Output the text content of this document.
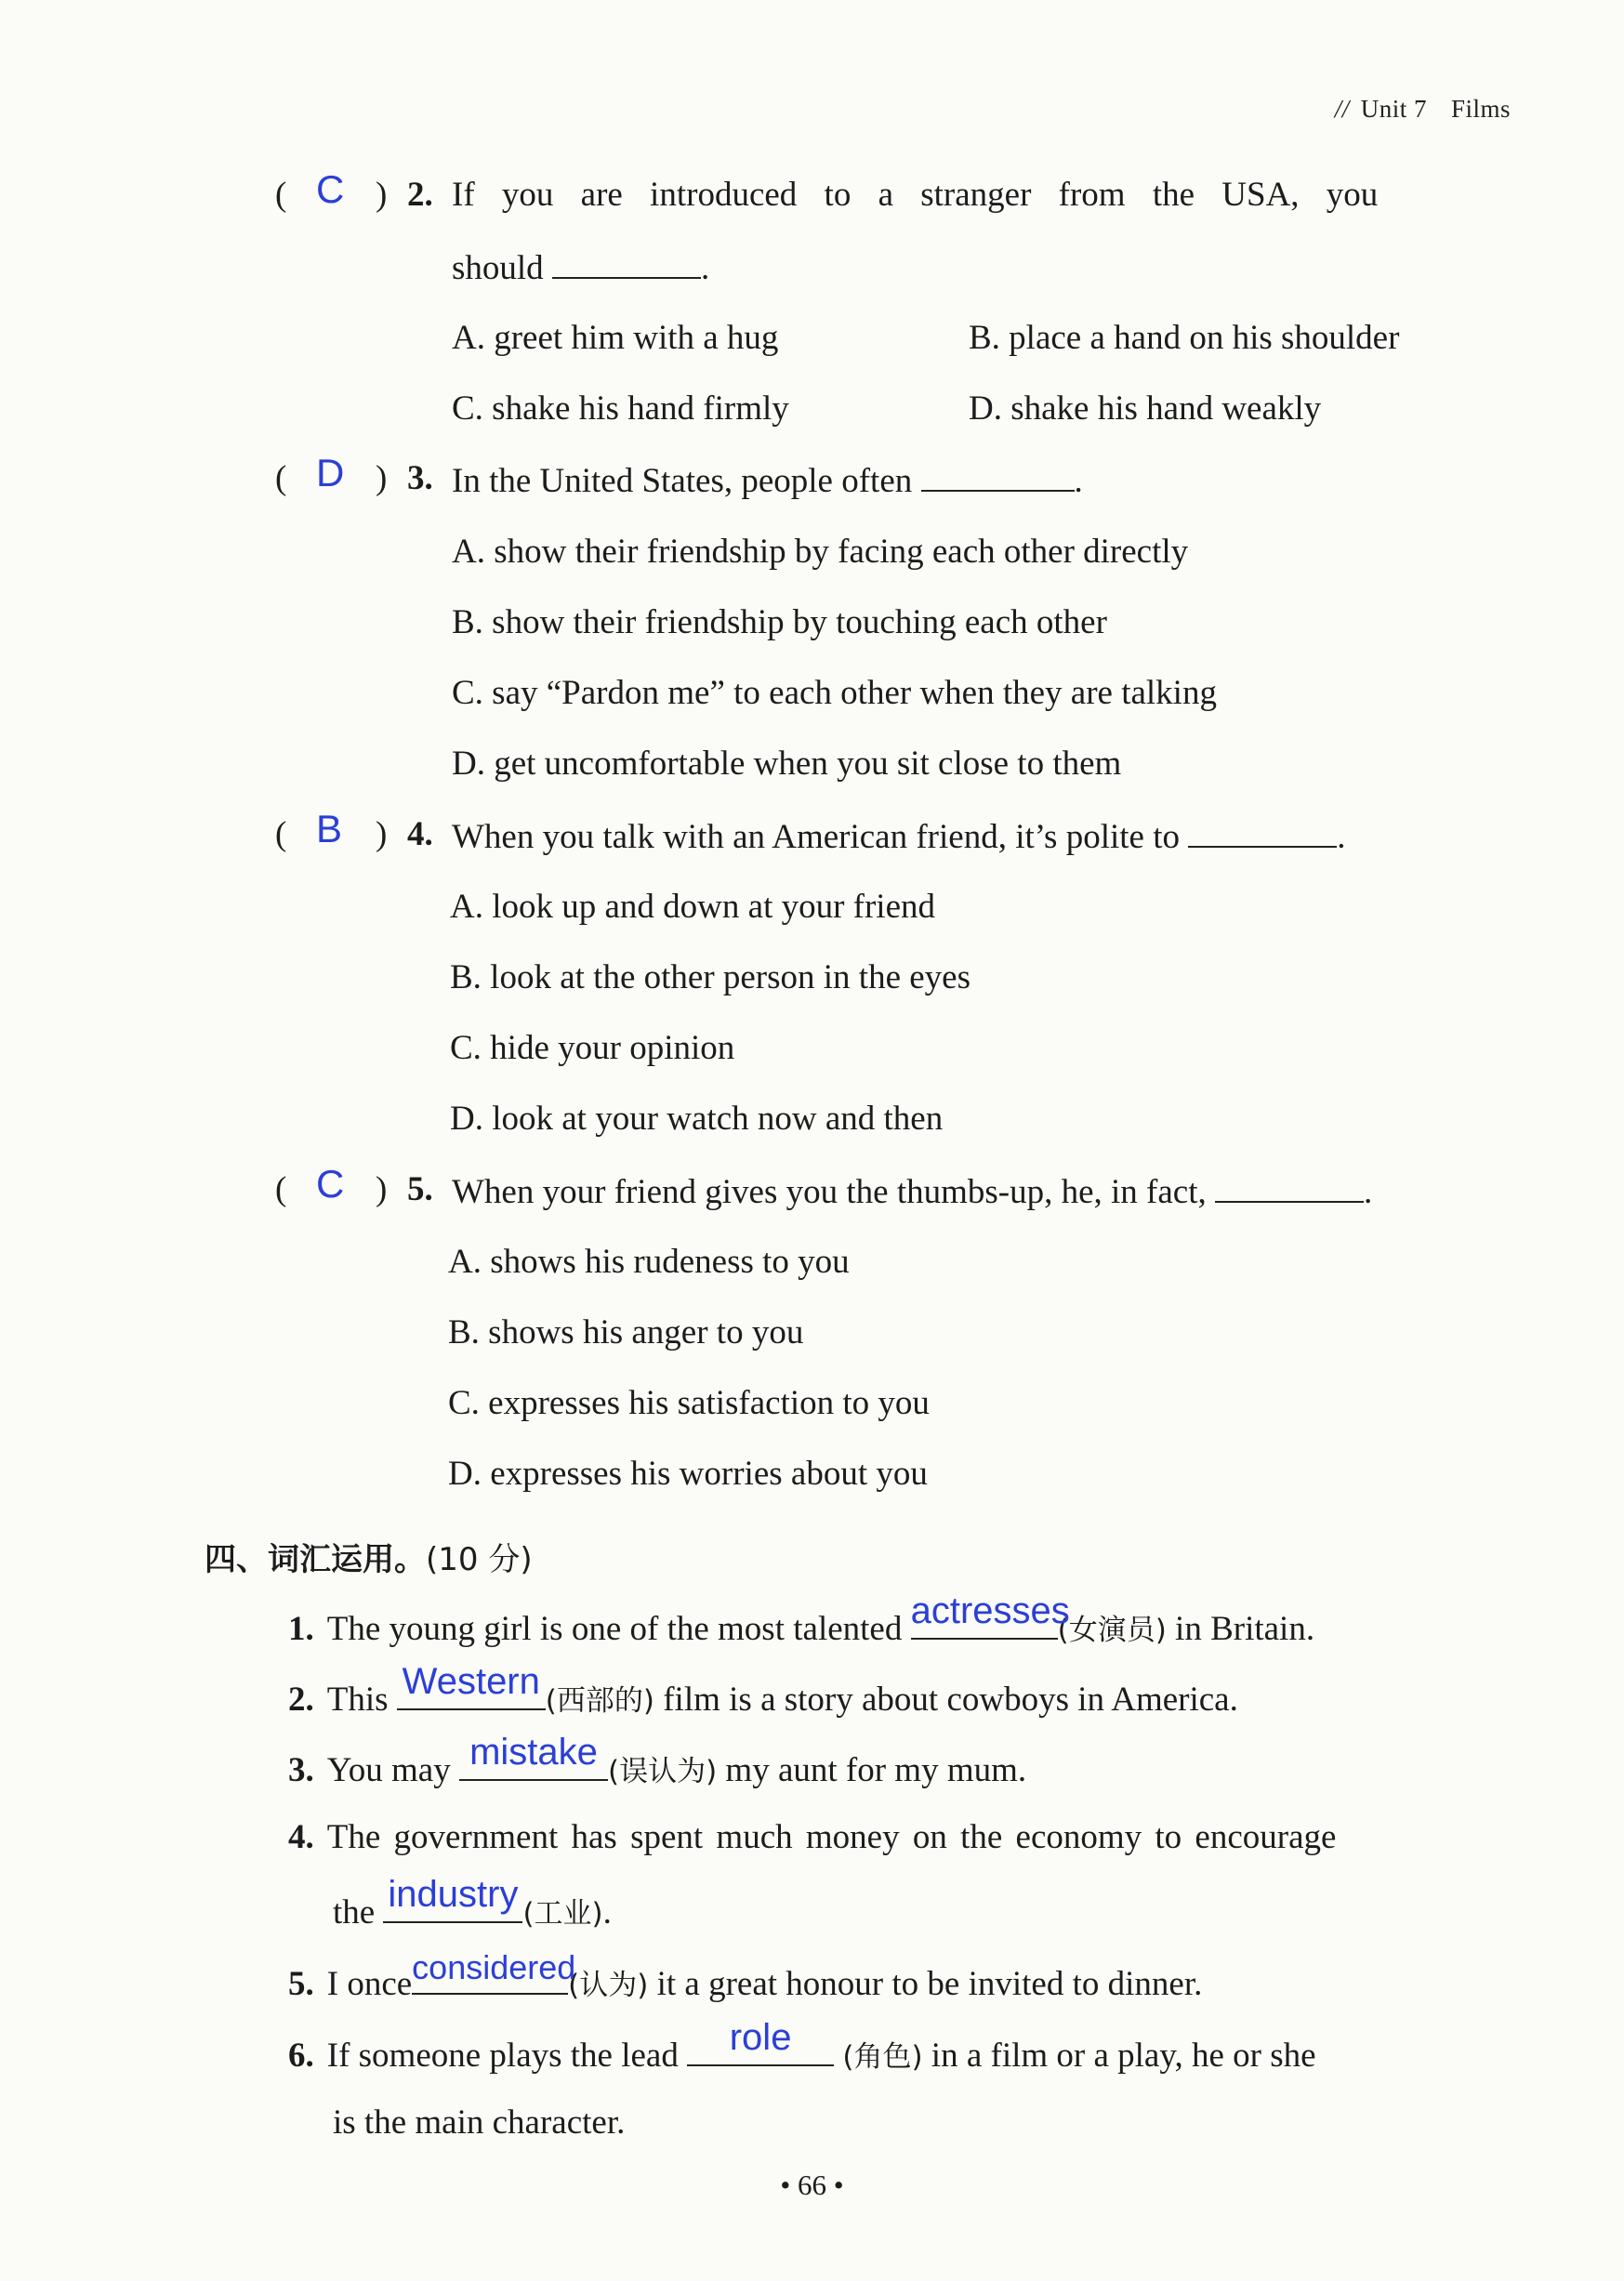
// Unit 7 Films
( C ) 2. If you are introduced to a stranger from the USA, you
should	.
A. greet him with a hug	B. place a hand on his shoulder
C. shake his hand firmly	D. shake his hand weakly
( D ) 3. In the United States, people often	.
A. show their friendship by facing each other directly
B. show their friendship by touching each other
C. say “Pardon me” to each other when they are talking
D. get uncomfortable when you sit close to them
( B ) 4. When you talk with an American friend, it’s polite to	.
A. look up and down at your friend
B. look at the other person in the eyes
C. hide your opinion
D. look at your watch now and then
( C ) 5. When your friend gives you the thumbs-up, he, in fact,	.
A. shows his rudeness to you
B. shows his anger to you
C. expresses his satisfaction to you
D. expresses his worries about you
四、词汇运用。(10 分)
1. The young girl is one of the most talented actresses
(女演员) in Britain.
2. This Western (西部的) film is a story about cowboys in America.
3. You may mistake (误认为) my aunt for my mum.
4. The government has spent much money on the economy to encourage
the industry (工业).
5. I once considered
(认为) it a great honour to be invited to dinner.
6. If someone plays the lead	role	(角色) in a film or a play, he or she
is the main character.
• 66 •
